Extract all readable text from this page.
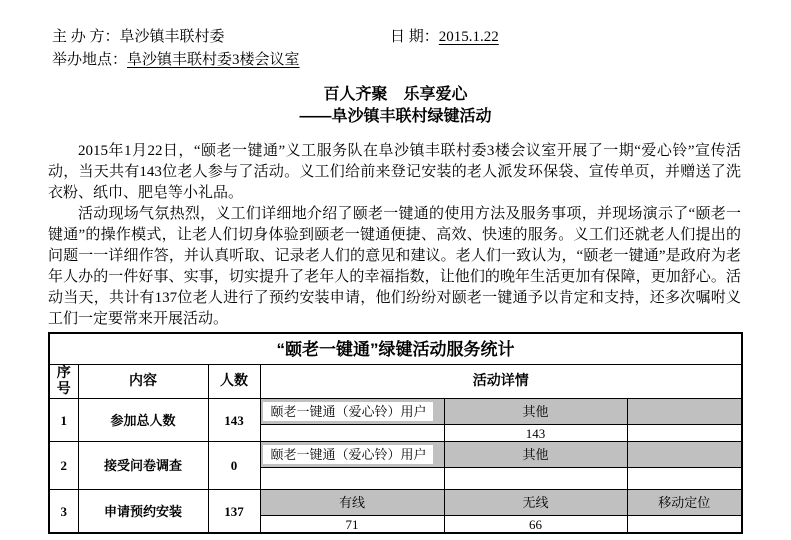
主 办 方：阜沙镇丰联村委	日 期：2015.1.22
举办地点：阜沙镇丰联村委3楼会议室
百人齐聚　乐享爱心
——阜沙镇丰联村绿键活动

2015年1月22日，“颐老一键通”义工服务队在阜沙镇丰联村委3楼会议室开展了一期“爱心铃”宣传活动，当天共有143位老人参与了活动。义工们给前来登记安装的老人派发环保袋、宣传单页，并赠送了洗衣粉、纸巾、肥皂等小礼品。

活动现场气氛热烈，义工们详细地介绍了颐老一键通的使用方法及服务事项，并现场演示了“颐老一键通”的操作模式，让老人们切身体验到颐老一键通便捷、高效、快速的服务。义工们还就老人们提出的问题一一详细作答，并认真听取、记录老人们的意见和建议。老人们一致认为，“颐老一键通”是政府为老年人办的一件好事、实事，切实提升了老年人的幸福指数，让他们的晚年生活更加有保障，更加舒心。活动当天，共计有137位老人进行了预约安装申请，他们纷纷对颐老一键通予以肯定和支持，还多次嘱咐义工们一定要常来开展活动。

“颐老一键通”绿键活动服务统计					
序号	内容	人数	活动详情		
1	参加总人数	143	颐老一键通（爱心铃）用户	其他	
				143	
2	接受问卷调查	0	颐老一键通（爱心铃）用户	其他	

3	申请预约安装	137	有线	无线	移动定位
			71	66	
